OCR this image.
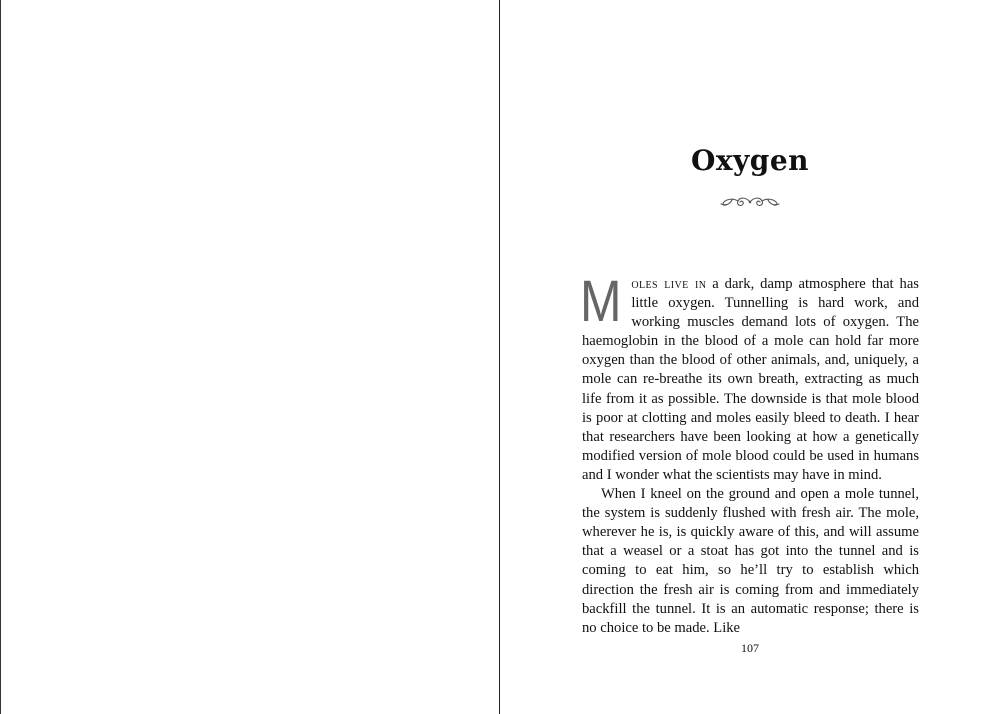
Oxygen

Moles live in a dark, damp atmosphere that has little oxygen. Tunnelling is hard work, and working muscles demand lots of oxygen. The haemoglobin in the blood of a mole can hold far more oxygen than the blood of other animals, and, uniquely, a mole can re-breathe its own breath, extracting as much life from it as possible. The downside is that mole blood is poor at clotting and moles easily bleed to death. I hear that researchers have been looking at how a genetically modified version of mole blood could be used in humans and I wonder what the scientists may have in mind.

When I kneel on the ground and open a mole tunnel, the system is suddenly flushed with fresh air. The mole, wherever he is, is quickly aware of this, and will assume that a weasel or a stoat has got into the tunnel and is coming to eat him, so he’ll try to establish which direction the fresh air is coming from and immediately backfill the tunnel. It is an automatic response; there is no choice to be made. Like

107
